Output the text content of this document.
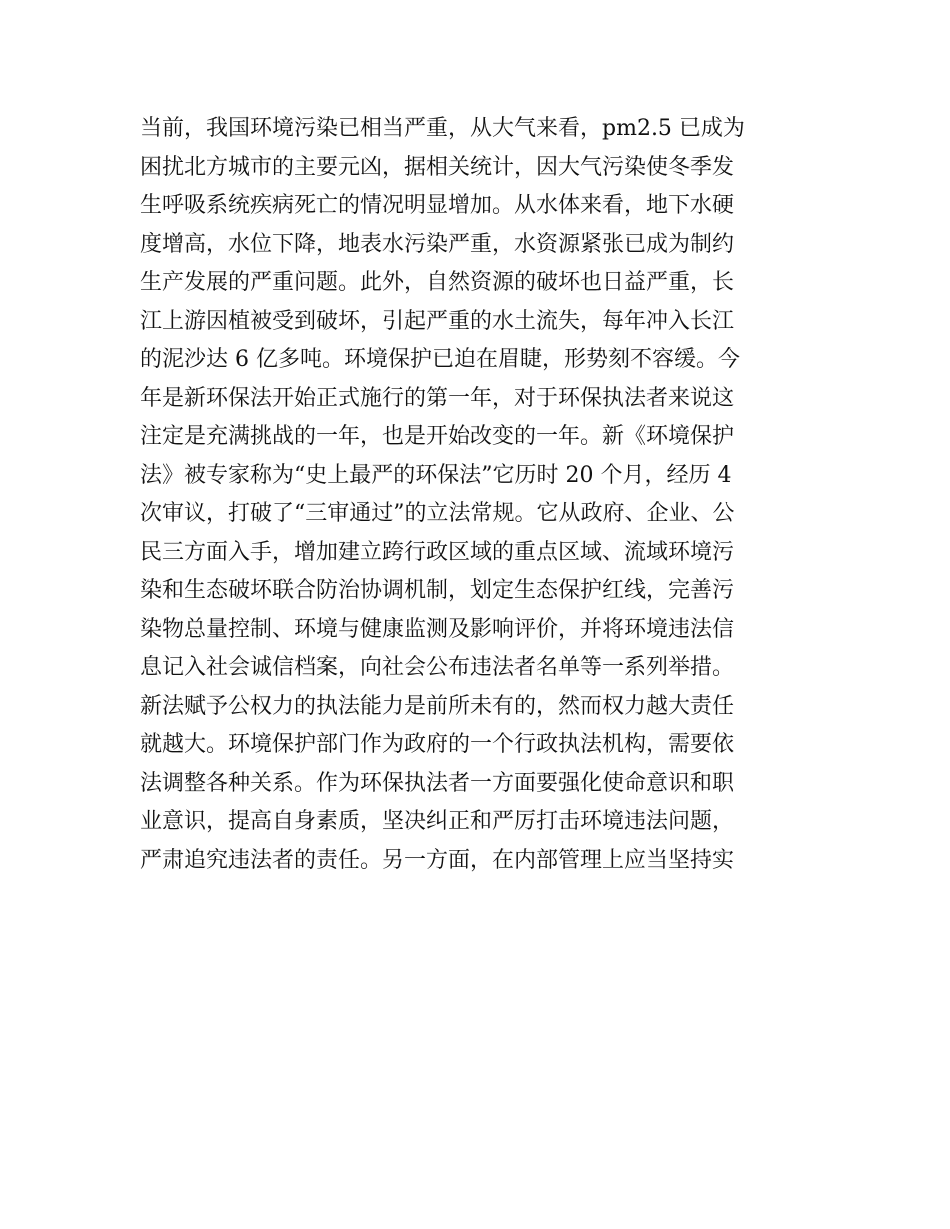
当前，我国环境污染已相当严重，从大气来看，pm2.5 已成为
困扰北方城市的主要元凶，据相关统计，因大气污染使冬季发
生呼吸系统疾病死亡的情况明显增加。从水体来看，地下水硬
度增高，水位下降，地表水污染严重，水资源紧张已成为制约
生产发展的严重问题。此外，自然资源的破坏也日益严重，长
江上游因植被受到破坏，引起严重的水土流失，每年冲入长江
的泥沙达 6 亿多吨。环境保护已迫在眉睫，形势刻不容缓。今
年是新环保法开始正式施行的第一年，对于环保执法者来说这
注定是充满挑战的一年，也是开始改变的一年。新《环境保护
法》被专家称为“史上最严的环保法”它历时 20 个月，经历 4
次审议，打破了“三审通过”的立法常规。它从政府、企业、公
民三方面入手，增加建立跨行政区域的重点区域、流域环境污
染和生态破坏联合防治协调机制，划定生态保护红线，完善污
染物总量控制、环境与健康监测及影响评价，并将环境违法信
息记入社会诚信档案，向社会公布违法者名单等一系列举措。
新法赋予公权力的执法能力是前所未有的，然而权力越大责任
就越大。环境保护部门作为政府的一个行政执法机构，需要依
法调整各种关系。作为环保执法者一方面要强化使命意识和职
业意识，提高自身素质，坚决纠正和严厉打击环境违法问题，
严肃追究违法者的责任。另一方面，在内部管理上应当坚持实
